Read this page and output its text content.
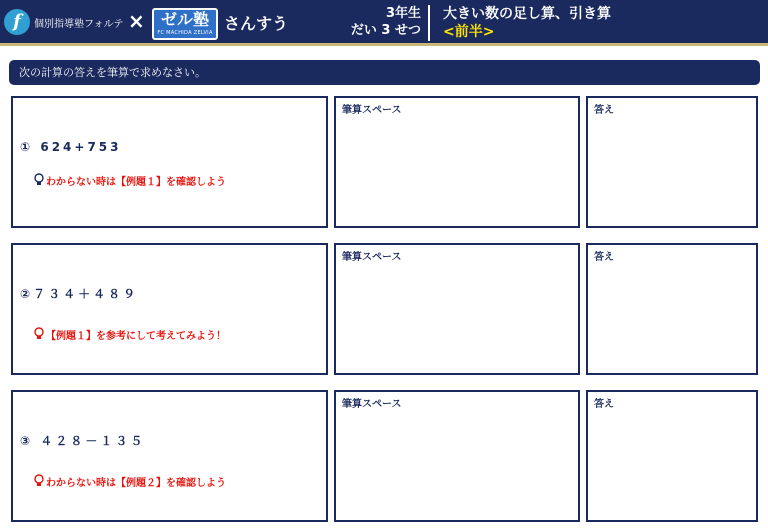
f	個別指導塾フォルテ ×	ゼル塾
FC MACHIDA ZELVIA さんすう
3年生
だい 3 せつ
大きい数の足し算、引き算
<前半>
次の計算の答えを筆算で求めなさい。
① 624+753
わからない時は【例題１】を確認しよう
筆算スペース	答え
②７３４＋４８９
【例題１】を参考にして考えてみよう！
筆算スペース	答え
③ ４２８－１３５
わからない時は【例題２】を確認しよう
筆算スペース	答え
